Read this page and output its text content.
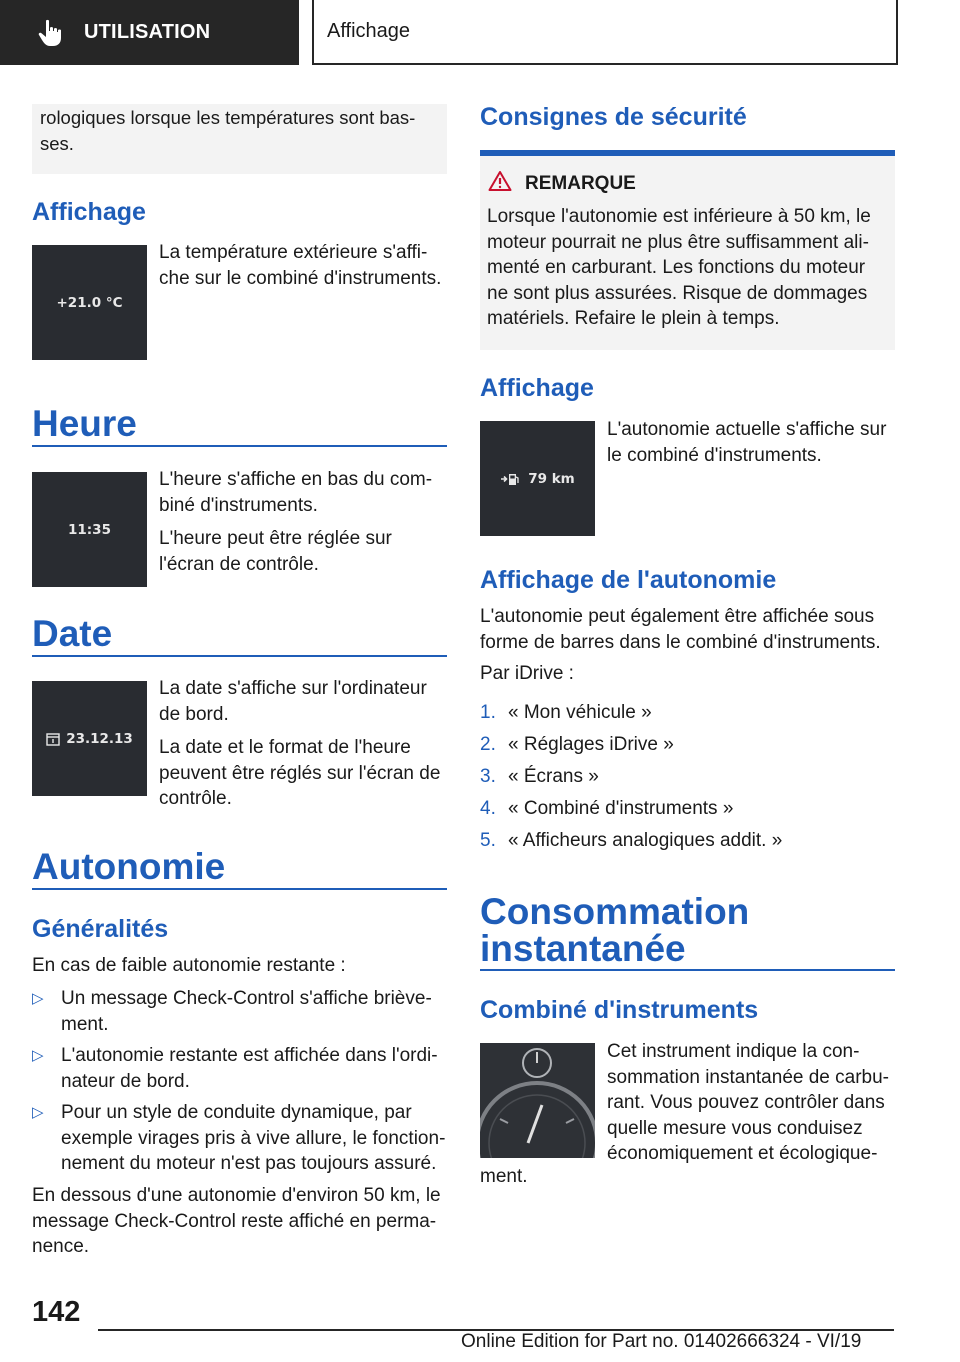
UTILISATION	Affichage
rologiques lorsque les températures sont bas-ses.
Affichage
+21.0 °C

La température extérieure s'affi-che sur le combiné d'instruments.

Heure
11:35

L'heure s'affiche en bas du com-biné d'instruments.

L'heure peut être réglée sur l'écran de contrôle.

Date
23.12.13

La date s'affiche sur l'ordinateur de bord.

La date et le format de l'heure peuvent être réglés sur l'écran de contrôle.

Autonomie
Généralités

En cas de faible autonomie restante :

▷ Un message Check-Control s'affiche briève-ment.
▷ L'autonomie restante est affichée dans l'ordi-nateur de bord.
▷ Pour un style de conduite dynamique, par exemple virages pris à vive allure, le fonction-nement du moteur n'est pas toujours assuré.

En dessous d'une autonomie d'environ 50 km, le message Check-Control reste affiché en perma-nence.

Consignes de sécurité
REMARQUE

Lorsque l'autonomie est inférieure à 50 km, le moteur pourrait ne plus être suffisamment ali-menté en carburant. Les fonctions du moteur ne sont plus assurées. Risque de dommages matériels. Refaire le plein à temps.

Affichage
79 km

L'autonomie actuelle s'affiche sur le combiné d'instruments.

Affichage de l'autonomie

L'autonomie peut également être affichée sous forme de barres dans le combiné d'instruments.

Par iDrive :

1. « Mon véhicule »
2. « Réglages iDrive »
3. « Écrans »
4. « Combiné d'instruments »
5. « Afficheurs analogiques addit. »
Consommation
instantanée
Combiné d'instruments

Cet instrument indique la con-sommation instantanée de carbu-rant. Vous pouvez contrôler dans quelle mesure vous conduisez économiquement et écologique-

ment.

142
Online Edition for Part no. 01402666324 - VI/19
